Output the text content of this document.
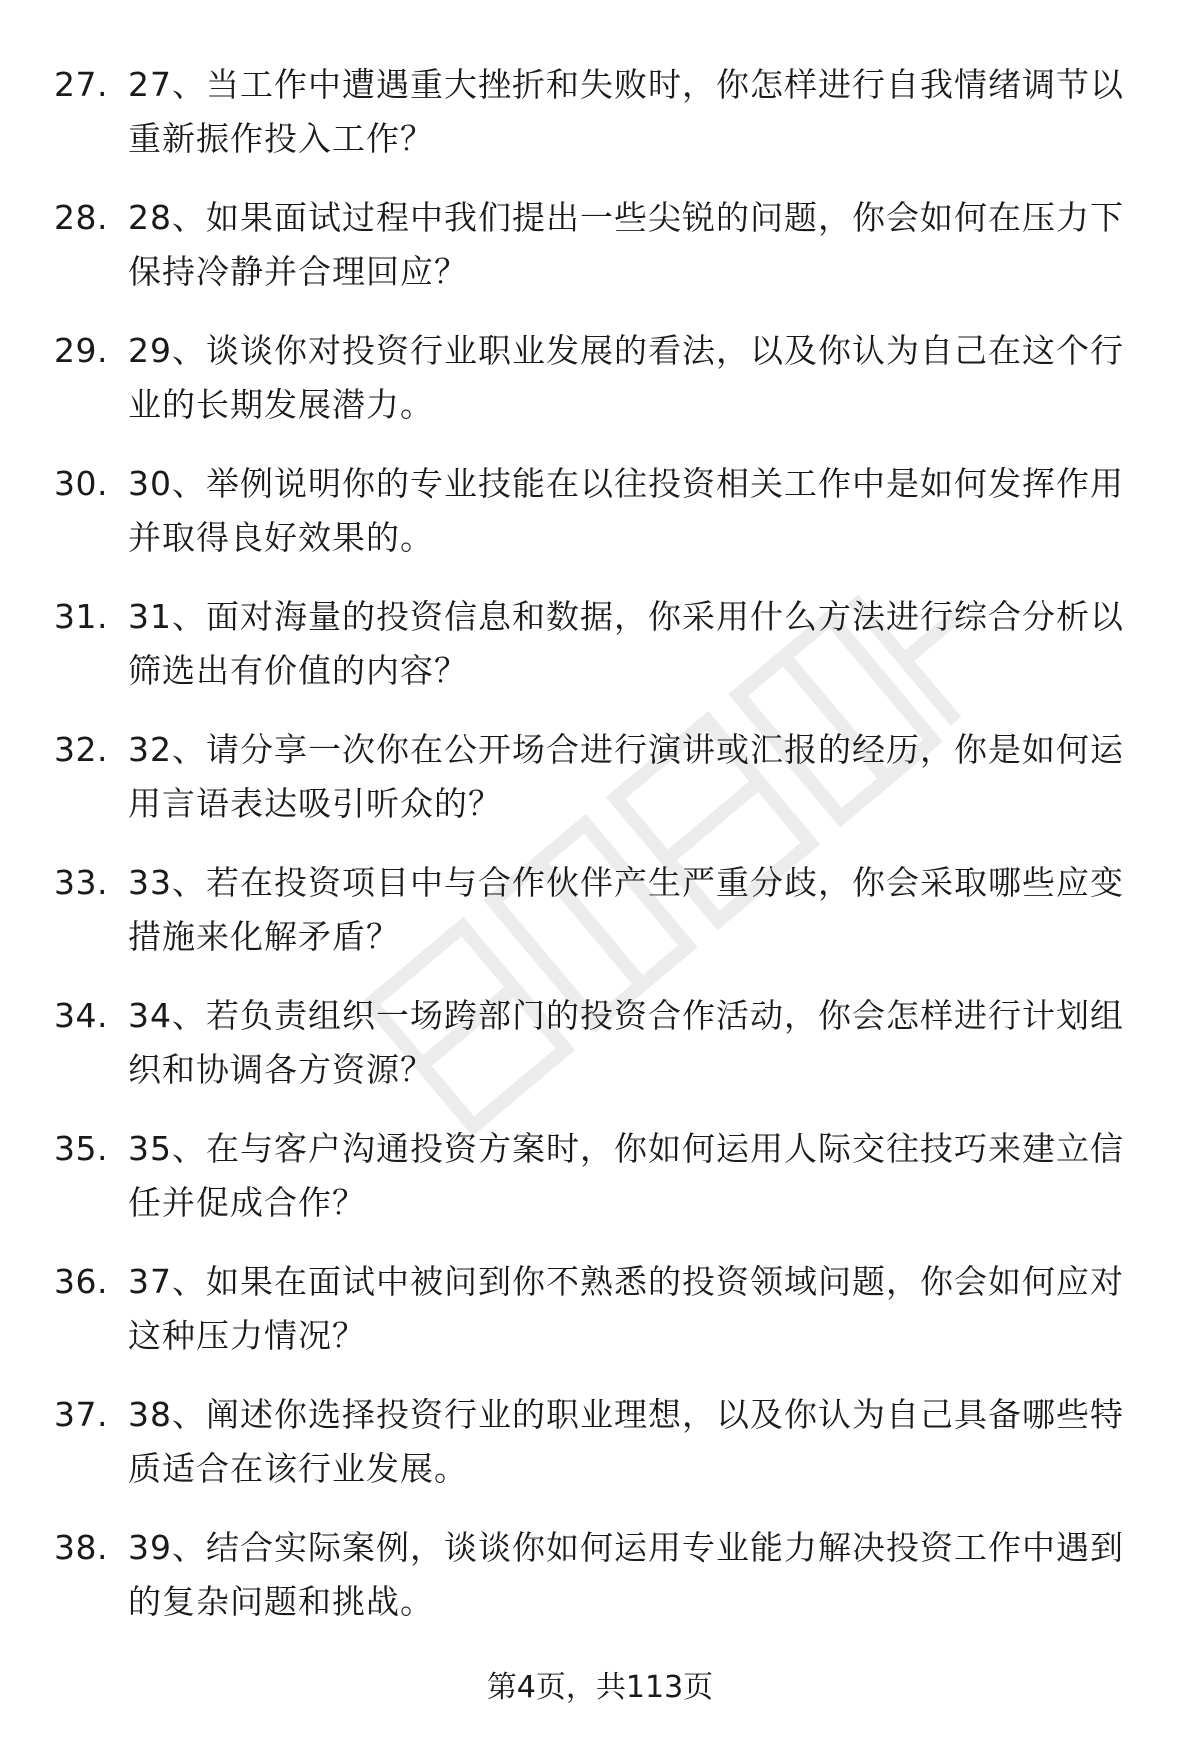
27. 27、当工作中遭遇重大挫折和失败时，你怎样进行自我情绪调节以重新振作投入工作？
28. 28、如果面试过程中我们提出一些尖锐的问题，你会如何在压力下保持冷静并合理回应？
29. 29、谈谈你对投资行业职业发展的看法，以及你认为自己在这个行业的长期发展潜力。
30. 30、举例说明你的专业技能在以往投资相关工作中是如何发挥作用并取得良好效果的。
31. 31、面对海量的投资信息和数据，你采用什么方法进行综合分析以筛选出有价值的内容？
32. 32、请分享一次你在公开场合进行演讲或汇报的经历，你是如何运用言语表达吸引听众的？
33. 33、若在投资项目中与合作伙伴产生严重分歧，你会采取哪些应变措施来化解矛盾？
34. 34、若负责组织一场跨部门的投资合作活动，你会怎样进行计划组织和协调各方资源？
35. 35、在与客户沟通投资方案时，你如何运用人际交往技巧来建立信任并促成合作？
36. 37、如果在面试中被问到你不熟悉的投资领域问题，你会如何应对这种压力情况？
37. 38、阐述你选择投资行业的职业理想，以及你认为自己具备哪些特质适合在该行业发展。
38. 39、结合实际案例，谈谈你如何运用专业能力解决投资工作中遇到的复杂问题和挑战。
第4页，共113页
